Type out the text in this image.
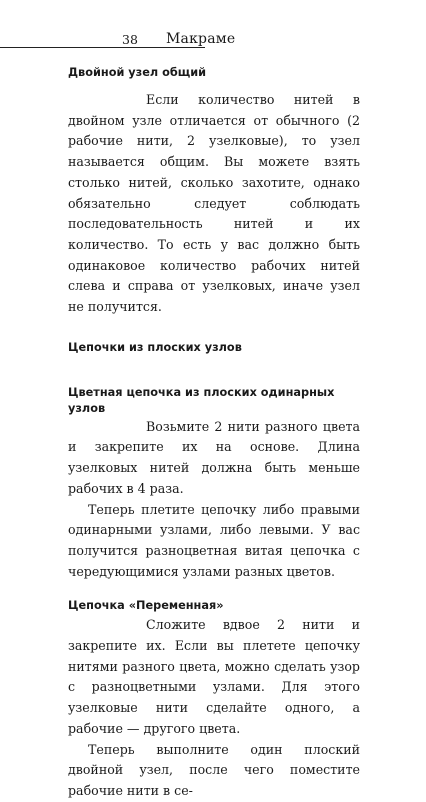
38 Макраме
Двойной узел общий

Если количество нитей в двойном узле отличается от обычного (2 рабочие нити, 2 узелковые), то узел называется общим. Вы можете взять столько нитей, сколько захотите, однако обязательно следует соблюдать последовательность нитей и их количество. То есть у вас должно быть одинаковое количество рабочих нитей слева и справа от узелковых, иначе узел не получится.

Цепочки из плоских узлов
Цветная цепочка из плоских одинарных узлов

Возьмите 2 нити разного цвета и закрепите их на основе. Длина узелковых нитей должна быть меньше рабочих в 4 раза.

Теперь плетите цепочку либо правыми одинарными узлами, либо левыми. У вас получится разноцветная витая цепочка с чередующимися узлами разных цветов.

Цепочка «Переменная»

Сложите вдвое 2 нити и закрепите их. Если вы плетете цепочку нитями разного цвета, можно сделать узор с разноцветными узлами. Для этого узелковые нити сделайте одного, а рабочие — другого цвета.

Теперь выполните один плоский двойной узел, после чего поместите рабочие нити в се-
